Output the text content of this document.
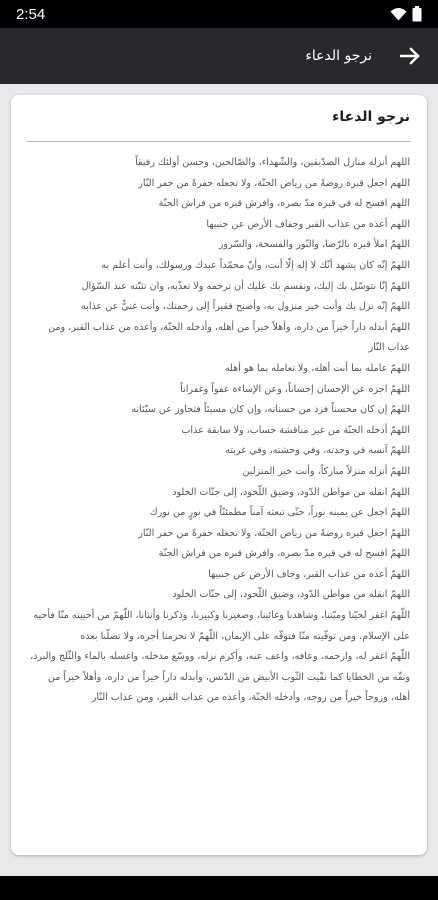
2:54
نرجو الدعاء
نرجو الدعاء
اللهم أنزله منازل الصدّيقين، والشّهداء، والصّالحين، وحسن أولئك رفيقاً
اللهم اجعل قبره روضةً من رياض الجنّة، ولا تجعله حفرةً من حفر النّار
اللهم افسح له في قبره مدّ بصره، وافرش قبره من فراش الجنّة
اللهم أعذه من عذاب القبر وجفاف الأرض عن جنبيها
اللهمّ املأ قبره بالرّضا، والنّور والفسحة، والسّرور
اللهمّ إنّه كان يشهد أنّك لا إله إلّا أنت، وأنّ محمّداً عبدك ورسولك، وأنت أعلم به
اللهمّ إنّا نتوسّل بك إليك، ونقسم بك عليك أن ترحمه ولا تعذّبه، وان تثبّته عند السّؤال
اللهمّ إنّه نزل بك وأنت خير منزول به، وأصبح فقيراً إلى رحمتك، وأنت غنيٌّ عن عذابه
اللهمّ أبدله داراً خيراً من داره، وأهلاً خيراً من أهله، وأدخله الجنّة، وأعذه من عذاب القبر، ومن عذاب النّار
اللهمّ عامله بما أنت أهله، ولا تعامله بما هو أهله
اللهمّ اجزه عن الإحسان إحساناً، وعن الإساءة عفواً وغفراناً
اللهمّ إن كان محسناً فزد من حسناته، وإن كان مسيئاً فتجاوز عن سيّئاته
اللهمّ أدخله الجنّة من غير مناقشة حساب، ولا سابقة عذاب
اللهمّ آنسه في وحدته، وفي وحشته، وفي غربته
اللهمّ أنزله منزلاً مباركاً، وأنت خير المنزلين
اللهمّ انقله من مواطن الدّود، وضيق اللّحود، إلى جنّات الخلود
اللهمّ اجعل عن يمينه نوراً، حتّى تبعثه آمناً مطمئنّاً في نورٍ من نورك
اللهمّ اجعل قبره روضةً من رياض الجنّة، ولا تجعله حفرةً من حفر النّار
اللهمّ افسح له في قبره مدّ بصره، وافرش قبره من فراش الجنّة
اللهمّ أعذه من عذاب القبر، وجاف الأرض عن جنبيها
اللهمّ انقله من مواطن الدّود، وضيق اللّحود، إلى جنّات الخلود
اللّهمّ اغفر لحيّنا وميّتنا، وشاهدنا وغائبنا، وصغيرنا وكبيرنا، وذكرنا وأنثانا، اللّهمّ من أحييته منّا فأحيه على الإسلام، ومن توفّيته منّا فتوفّه على الإيمان، اللّهمّ لا تحرمنا أجره، ولا تضلّنا بعده
اللّهمّ اغفر له، وارحمه، وعافه، واعف عنه، وأكرم نزله، ووسّع مدخله، واغسله بالماء والثّلج والبرد، ونقّه من الخطايا كما نقّيت الثّوب الأبيض من الدّنس، وأبدله داراً خيراً من داره، وأهلاً خيراً من أهله، وزوجاً خيراً من زوجه، وأدخله الجنّة، وأعذه من عذاب القبر، ومن عذاب النّار
